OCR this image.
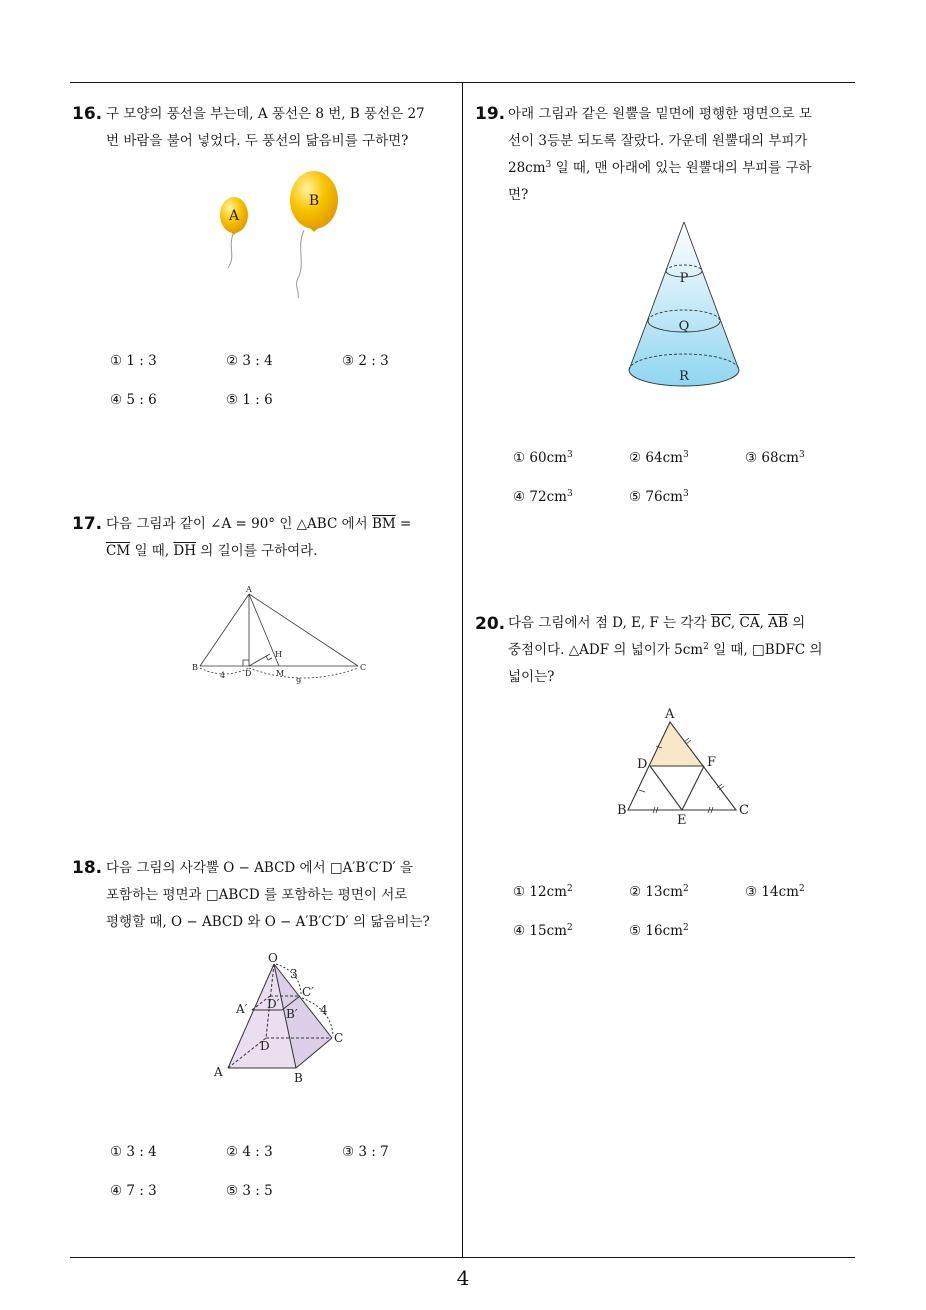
16. 구 모양의 풍선을 부는데, A 풍선은 8 번, B 풍선은 27
번 바람을 불어 넣었다. 두 풍선의 닮음비를 구하면?
A
B
① 1 : 3	② 3 : 4	③ 2 : 3
④ 5 : 6	⑤ 1 : 6
17. 다음 그림과 같이 ∠A = 90° 인 △ABC 에서 $\overline{BM}$ =
$\overline{CM}$ 일 때, $\overline{DH}$ 의 길이를 구하여라.
A
B	C
D
H
M
4
9
18. 다음 그림의 사각뿔 O − ABCD 에서 □A′B′C′D′ 을
포함하는 평면과 □ABCD 를 포함하는 평면이 서로
평행할 때, O − ABCD 와 O − A′B′C′D′ 의 닮음비는?
O
A	B
C
D
A′	B′
C′
D′
3
4
① 3 : 4	② 4 : 3	③ 3 : 7
④ 7 : 3	⑤ 3 : 5
19. 아래 그림과 같은 원뿔을 밑면에 평행한 평면으로 모
선이 3등분 되도록 잘랐다. 가운데 원뿔대의 부피가
$28cm^3$ 일 때, 맨 아래에 있는 원뿔대의 부피를 구하
면?
P
Q
R
① $60cm^3$	② $64cm^3$	③ $68cm^3$
④ $72cm^3$	⑤ $76cm^3$
20. 다음 그림에서 점 D, E, F 는 각각 $\overline{BC}$, $\overline{CA}$, $\overline{AB}$ 의
중점이다. △ADF 의 넓이가 $5cm^2$ 일 때, □BDFC 의
넓이는?
A
B	C
D
E
F
① $12cm^2$	② $13cm^2$	③ $14cm^2$
④ $15cm^2$	⑤ $16cm^2$
4
